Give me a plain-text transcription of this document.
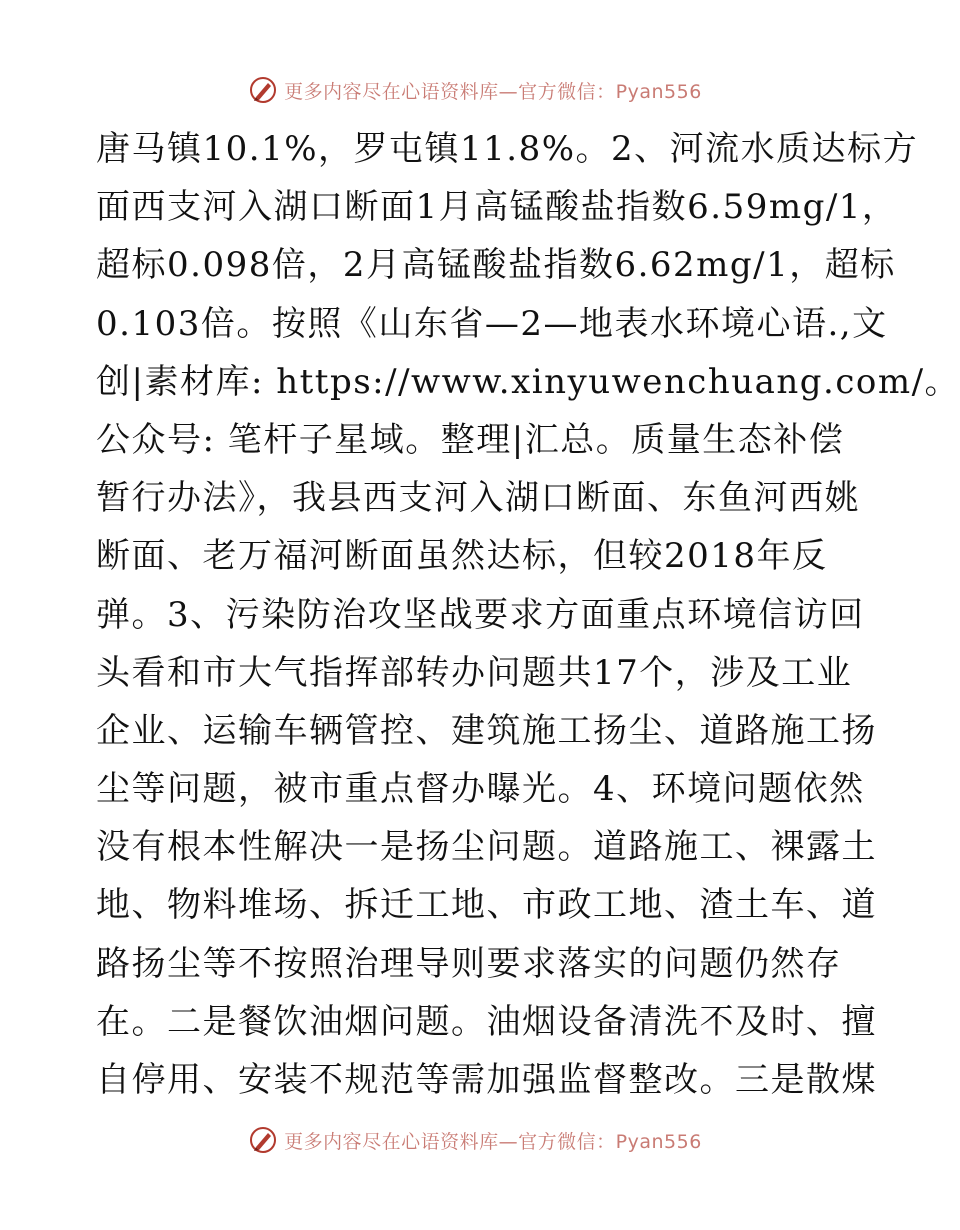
更多内容尽在心语资料库—官方微信：Pyan556
唐马镇10.1%，罗屯镇11.8%。2、河流水质达标方
面西支河入湖口断面1月高锰酸盐指数6.59mg/1，
超标0.098倍，2月高锰酸盐指数6.62mg/1，超标
0.103倍。按照《山东省—2—地表水环境心语.,文
创|素材库: https://www.xinyuwenchuang.com/。
公众号: 笔杆子星域。整理|汇总。质量生态补偿
暂行办法》，我县西支河入湖口断面、东鱼河西姚
断面、老万福河断面虽然达标，但较2018年反
弹。3、污染防治攻坚战要求方面重点环境信访回
头看和市大气指挥部转办问题共17个，涉及工业
企业、运输车辆管控、建筑施工扬尘、道路施工扬
尘等问题，被市重点督办曝光。4、环境问题依然
没有根本性解决一是扬尘问题。道路施工、裸露土
地、物料堆场、拆迁工地、市政工地、渣土车、道
路扬尘等不按照治理导则要求落实的问题仍然存
在。二是餐饮油烟问题。油烟设备清洗不及时、擅
自停用、安装不规范等需加强监督整改。三是散煤
更多内容尽在心语资料库—官方微信：Pyan556
